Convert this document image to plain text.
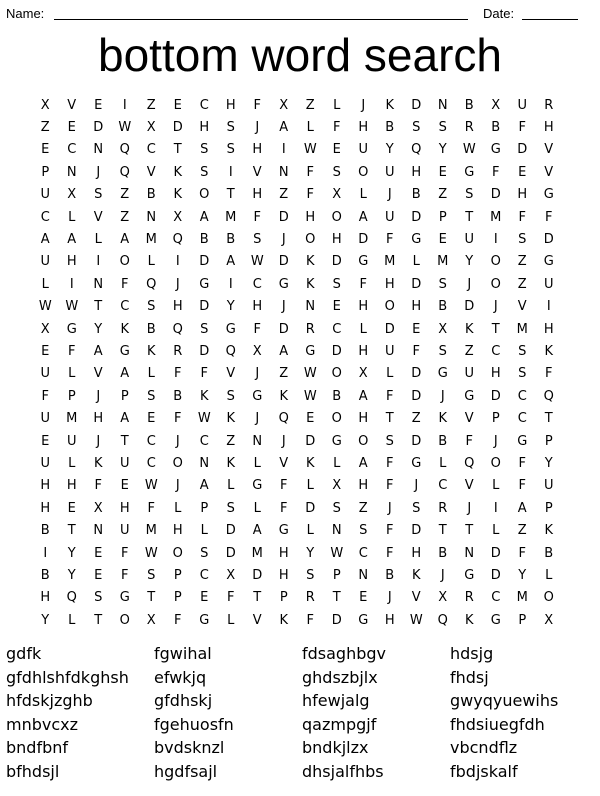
Name:	Date:
bottom word search
X	V	E	I	Z	E	C	H	F	X	Z	L	J	K	D	N	B	X	U	R
Z	E	D	W	X	D	H	S	J	A	L	F	H	B	S	S	R	B	F	H
E	C	N	Q	C	T	S	S	H	I	W	E	U	Y	Q	Y	W	G	D	V
P	N	J	Q	V	K	S	I	V	N	F	S	O	U	H	E	G	F	E	V
U	X	S	Z	B	K	O	T	H	Z	F	X	L	J	B	Z	S	D	H	G
C	L	V	Z	N	X	A	M	F	D	H	O	A	U	D	P	T	M	F	F
A	A	L	A	M	Q	B	B	S	J	O	H	D	F	G	E	U	I	S	D
U	H	I	O	L	I	D	A	W	D	K	D	G	M	L	M	Y	O	Z	G
L	I	N	F	Q	J	G	I	C	G	K	S	F	H	D	S	J	O	Z	U
W	W	T	C	S	H	D	Y	H	J	N	E	H	O	H	B	D	J	V	I
X	G	Y	K	B	Q	S	G	F	D	R	C	L	D	E	X	K	T	M	H
E	F	A	G	K	R	D	Q	X	A	G	D	H	U	F	S	Z	C	S	K
U	L	V	A	L	F	F	V	J	Z	W	O	X	L	D	G	U	H	S	F
F	P	J	P	S	B	K	S	G	K	W	B	A	F	D	J	G	D	C	Q
U	M	H	A	E	F	W	K	J	Q	E	O	H	T	Z	K	V	P	C	T
E	U	J	T	C	J	C	Z	N	J	D	G	O	S	D	B	F	J	G	P
U	L	K	U	C	O	N	K	L	V	K	L	A	F	G	L	Q	O	F	Y
H	H	F	E	W	J	A	L	G	F	L	X	H	F	J	C	V	L	F	U
H	E	X	H	F	L	P	S	L	F	D	S	Z	J	S	R	J	I	A	P
B	T	N	U	M	H	L	D	A	G	L	N	S	F	D	T	T	L	Z	K
I	Y	E	F	W	O	S	D	M	H	Y	W	C	F	H	B	N	D	F	B
B	Y	E	F	S	P	C	X	D	H	S	P	N	B	K	J	G	D	Y	L
H	Q	S	G	T	P	E	F	T	P	R	T	E	J	V	X	R	C	M	O
Y	L	T	O	X	F	G	L	V	K	F	D	G	H	W	Q	K	G	P	X
gdfk	fgwihal	fdsaghbgv	hdsjg
gfdhlshfdkghsh	efwkjq	ghdszbjlx	fhdsj
hfdskjzghb	gfdhskj	hfewjalg	gwyqyuewihs
mnbvcxz	fgehuosfn	qazmpgjf	fhdsiuegfdh
bndfbnf	bvdsknzl	bndkjlzx	vbcndflz
bfhdsjl	hgdfsajl	dhsjalfhbs	fbdjskalf
